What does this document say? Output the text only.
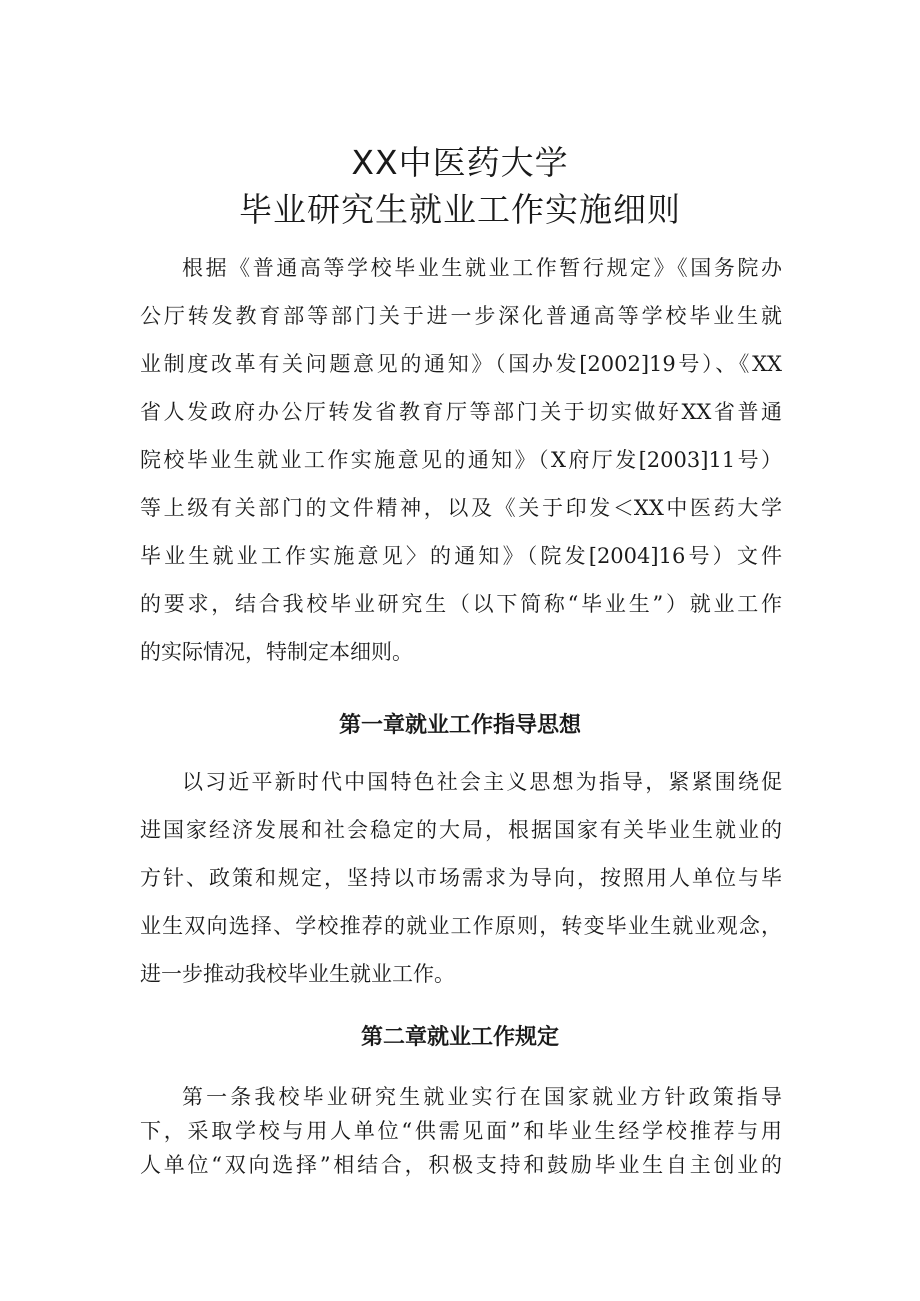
XX中医药大学
毕业研究生就业工作实施细则
根据《普通高等学校毕业生就业工作暂行规定》《国务院办
公厅转发教育部等部门关于进一步深化普通高等学校毕业生就
业制度改革有关问题意见的通知》（国办发[2002]19号）、《XX
省人发政府办公厅转发省教育厅等部门关于切实做好XX省普通
院校毕业生就业工作实施意见的通知》（X府厅发[2003]11号）
等上级有关部门的文件精神，以及《关于印发＜XX中医药大学
毕业生就业工作实施意见〉的通知》（院发[2004]16号）文件
的要求，结合我校毕业研究生（以下简称“毕业生”）就业工作
的实际情况，特制定本细则。
第一章就业工作指导思想
以习近平新时代中国特色社会主义思想为指导，紧紧围绕促
进国家经济发展和社会稳定的大局，根据国家有关毕业生就业的
方针、政策和规定，坚持以市场需求为导向，按照用人单位与毕
业生双向选择、学校推荐的就业工作原则，转变毕业生就业观念，
进一步推动我校毕业生就业工作。
第二章就业工作规定
第一条我校毕业研究生就业实行在国家就业方针政策指导
下，采取学校与用人单位“供需见面”和毕业生经学校推荐与用
人单位“双向选择”相结合，积极支持和鼓励毕业生自主创业的
